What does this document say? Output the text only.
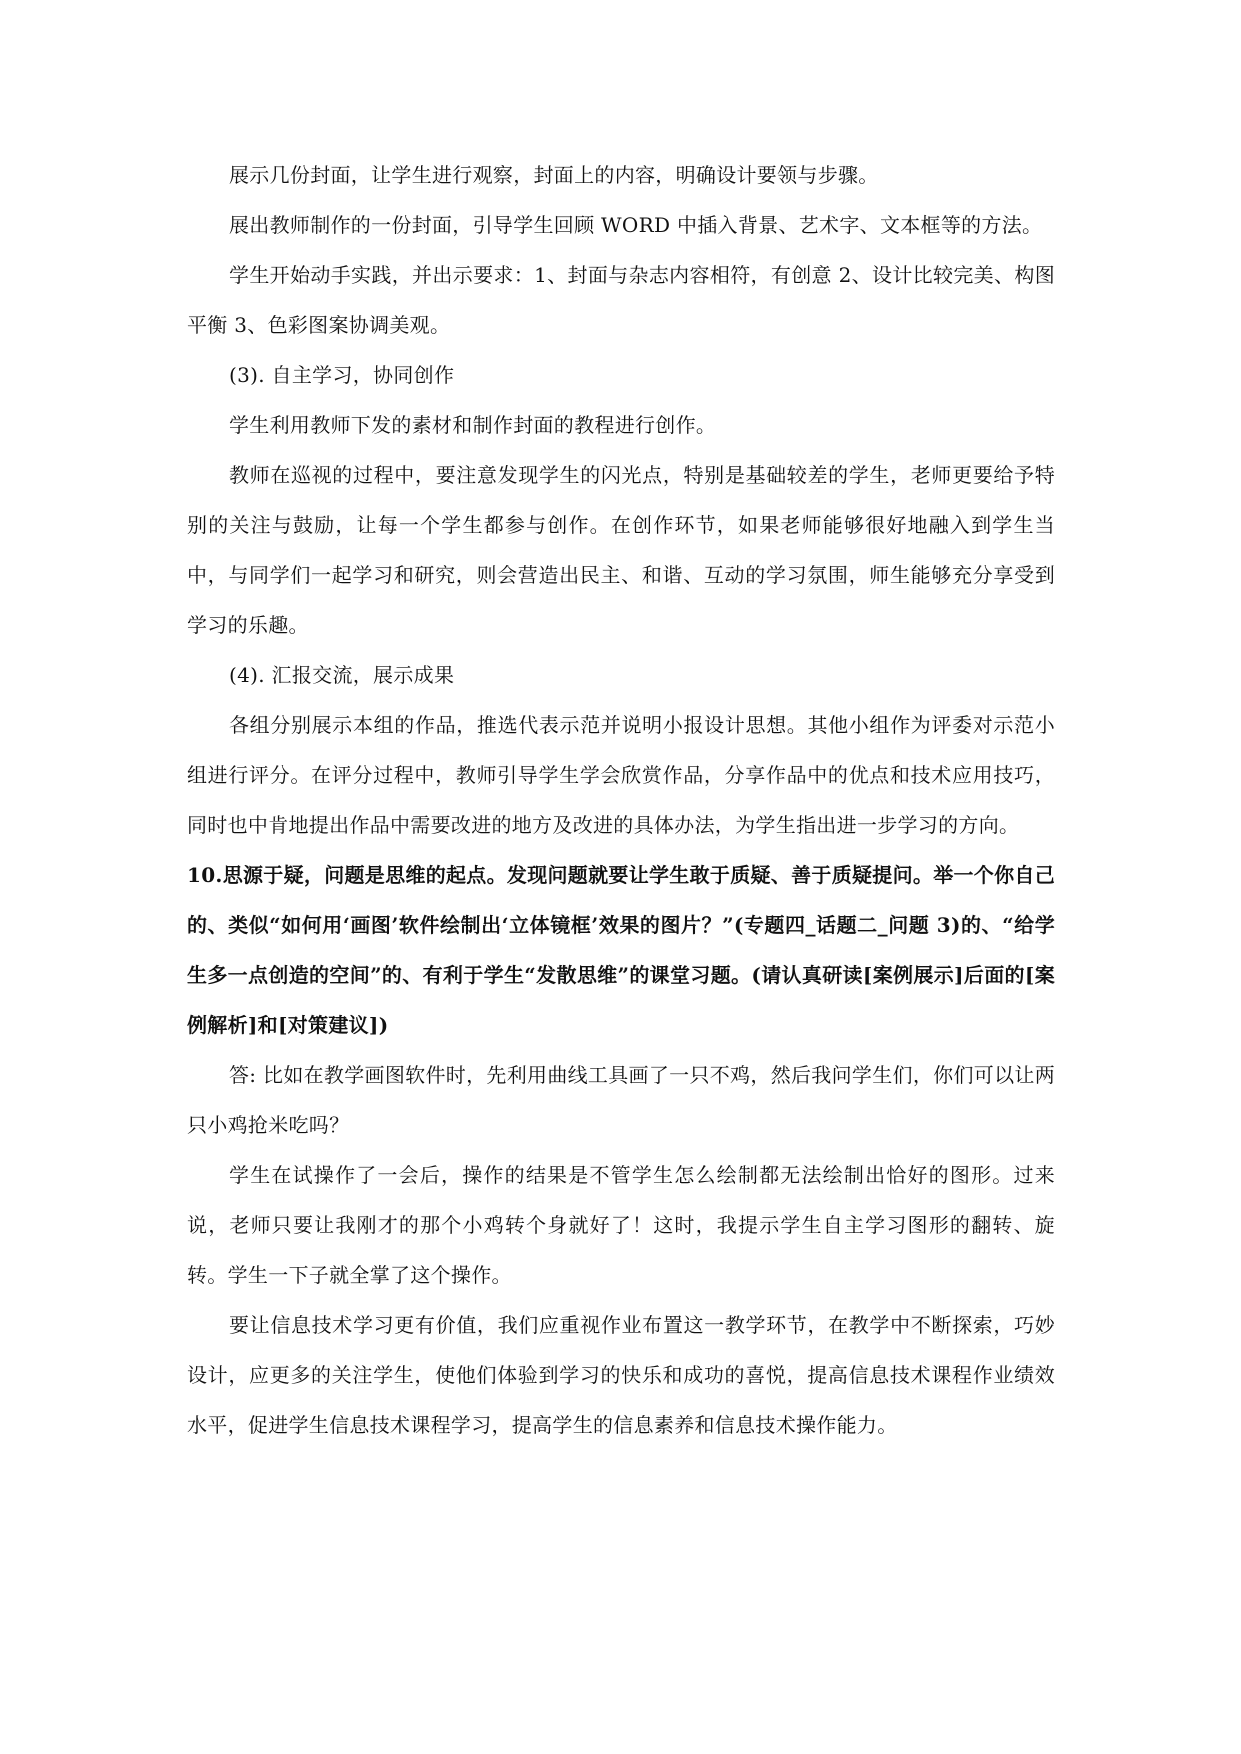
展示几份封面，让学生进行观察，封面上的内容，明确设计要领与步骤。

展出教师制作的一份封面，引导学生回顾 WORD 中插入背景、艺术字、文本框等的方法。

学生开始动手实践，并出示要求：1、封面与杂志内容相符，有创意 2、设计比较完美、构图平衡 3、色彩图案协调美观。

(3). 自主学习，协同创作

学生利用教师下发的素材和制作封面的教程进行创作。

教师在巡视的过程中，要注意发现学生的闪光点，特别是基础较差的学生，老师更要给予特别的关注与鼓励，让每一个学生都参与创作。在创作环节，如果老师能够很好地融入到学生当中，与同学们一起学习和研究，则会营造出民主、和谐、互动的学习氛围，师生能够充分享受到学习的乐趣。

(4). 汇报交流，展示成果

各组分别展示本组的作品，推选代表示范并说明小报设计思想。其他小组作为评委对示范小组进行评分。在评分过程中，教师引导学生学会欣赏作品，分享作品中的优点和技术应用技巧，同时也中肯地提出作品中需要改进的地方及改进的具体办法，为学生指出进一步学习的方向。

10.思源于疑，问题是思维的起点。发现问题就要让学生敢于质疑、善于质疑提问。举一个你自己的、类似“如何用‘画图’软件绘制出‘立体镜框’效果的图片？”(专题四_话题二_问题 3)的、“给学生多一点创造的空间”的、有利于学生“发散思维”的课堂习题。(请认真研读[案例展示]后面的[案例解析]和[对策建议])

答: 比如在教学画图软件时，先利用曲线工具画了一只不鸡，然后我问学生们，你们可以让两只小鸡抢米吃吗？

学生在试操作了一会后，操作的结果是不管学生怎么绘制都无法绘制出恰好的图形。过来说，老师只要让我刚才的那个小鸡转个身就好了！这时，我提示学生自主学习图形的翻转、旋转。学生一下子就全掌了这个操作。

要让信息技术学习更有价值，我们应重视作业布置这一教学环节，在教学中不断探索，巧妙设计，应更多的关注学生，使他们体验到学习的快乐和成功的喜悦，提高信息技术课程作业绩效水平，促进学生信息技术课程学习，提高学生的信息素养和信息技术操作能力。
